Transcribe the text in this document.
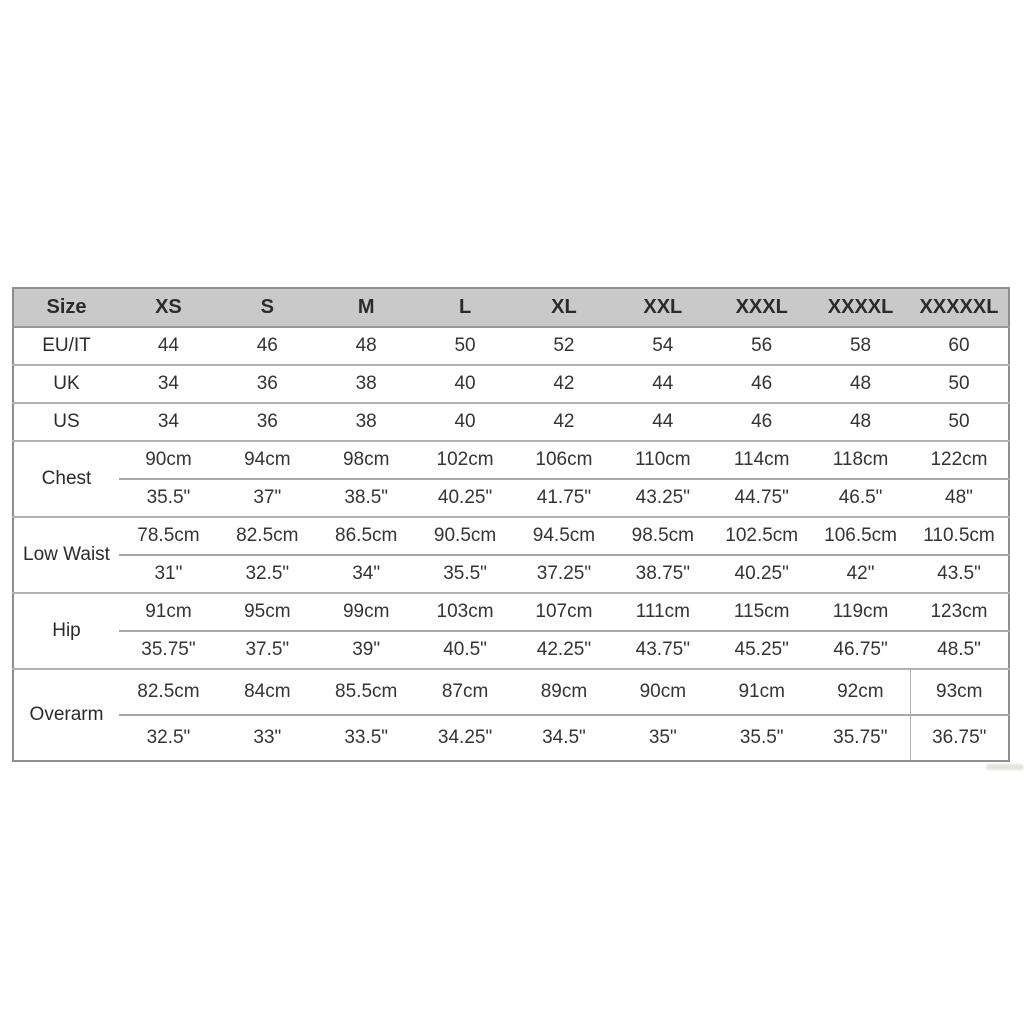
Size	XS	S	M	L	XL	XXL	XXXL	XXXXL	XXXXXL
EU/IT	44	46	48	50	52	54	56	58	60
UK	34	36	38	40	42	44	46	48	50
US	34	36	38	40	42	44	46	48	50
Chest	90cm	94cm	98cm	102cm	106cm	110cm	114cm	118cm	122cm
	35.5"	37"	38.5"	40.25"	41.75"	43.25"	44.75"	46.5"	48"
Low Waist	78.5cm	82.5cm	86.5cm	90.5cm	94.5cm	98.5cm	102.5cm	106.5cm	110.5cm
	31"	32.5"	34"	35.5"	37.25"	38.75"	40.25"	42"	43.5"
Hip	91cm	95cm	99cm	103cm	107cm	111cm	115cm	119cm	123cm
	35.75"	37.5"	39"	40.5"	42.25"	43.75"	45.25"	46.75"	48.5"
Overarm	82.5cm	84cm	85.5cm	87cm	89cm	90cm	91cm	92cm	93cm
	32.5"	33"	33.5"	34.25"	34.5"	35"	35.5"	35.75"	36.75"
